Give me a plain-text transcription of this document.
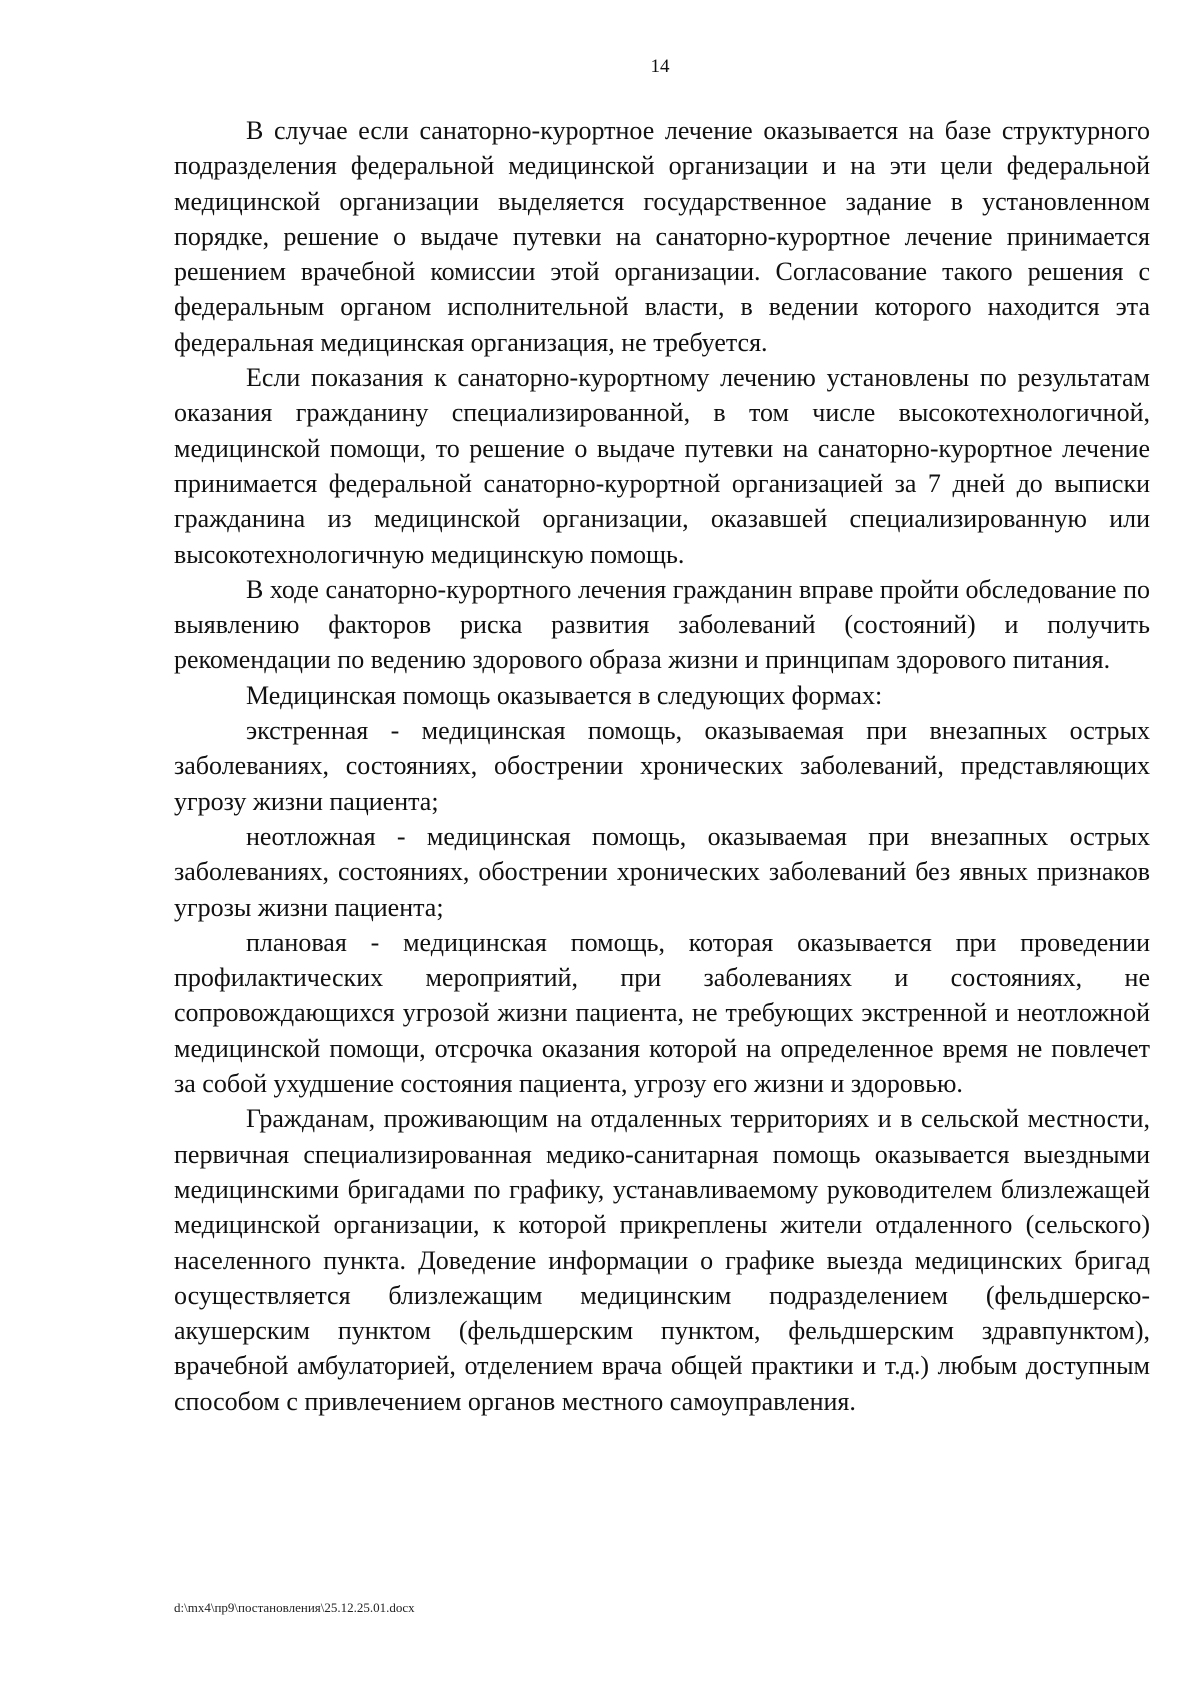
14

В случае если санаторно-курортное лечение оказывается на базе структурного подразделения федеральной медицинской организации и на эти цели федеральной медицинской организации выделяется государственное задание в установленном порядке, решение о выдаче путевки на санаторно-курортное лечение принимается решением врачебной комиссии этой организации. Согласование такого решения с федеральным органом исполнительной власти, в ведении которого находится эта федеральная медицинская организация, не требуется.

Если показания к санаторно-курортному лечению установлены по результатам оказания гражданину специализированной, в том числе высокотехнологичной, медицинской помощи, то решение о выдаче путевки на санаторно-курортное лечение принимается федеральной санаторно-курортной организацией за 7 дней до выписки гражданина из медицинской организации, оказавшей специализированную или высокотехнологичную медицинскую помощь.

В ходе санаторно-курортного лечения гражданин вправе пройти обследование по выявлению факторов риска развития заболеваний (состояний) и получить рекомендации по ведению здорового образа жизни и принципам здорового питания.

Медицинская помощь оказывается в следующих формах:

экстренная - медицинская помощь, оказываемая при внезапных острых заболеваниях, состояниях, обострении хронических заболеваний, представляющих угрозу жизни пациента;

неотложная - медицинская помощь, оказываемая при внезапных острых заболеваниях, состояниях, обострении хронических заболеваний без явных признаков угрозы жизни пациента;

плановая - медицинская помощь, которая оказывается при проведении профилактических мероприятий, при заболеваниях и состояниях, не сопровождающихся угрозой жизни пациента, не требующих экстренной и неотложной медицинской помощи, отсрочка оказания которой на определенное время не повлечет за собой ухудшение состояния пациента, угрозу его жизни и здоровью.

Гражданам, проживающим на отдаленных территориях и в сельской местности, первичная специализированная медико-санитарная помощь оказывается выездными медицинскими бригадами по графику, устанавливаемому руководителем близлежащей медицинской организации, к которой прикреплены жители отдаленного (сельского) населенного пункта. Доведение информации о графике выезда медицинских бригад осуществляется близлежащим медицинским подразделением (фельдшерско-акушерским пунктом (фельдшерским пунктом, фельдшерским здравпунктом), врачебной амбулаторией, отделением врача общей практики и т.д.) любым доступным способом с привлечением органов местного самоуправления.

d:\mx4\пр9\постановления\25.12.25.01.docx
